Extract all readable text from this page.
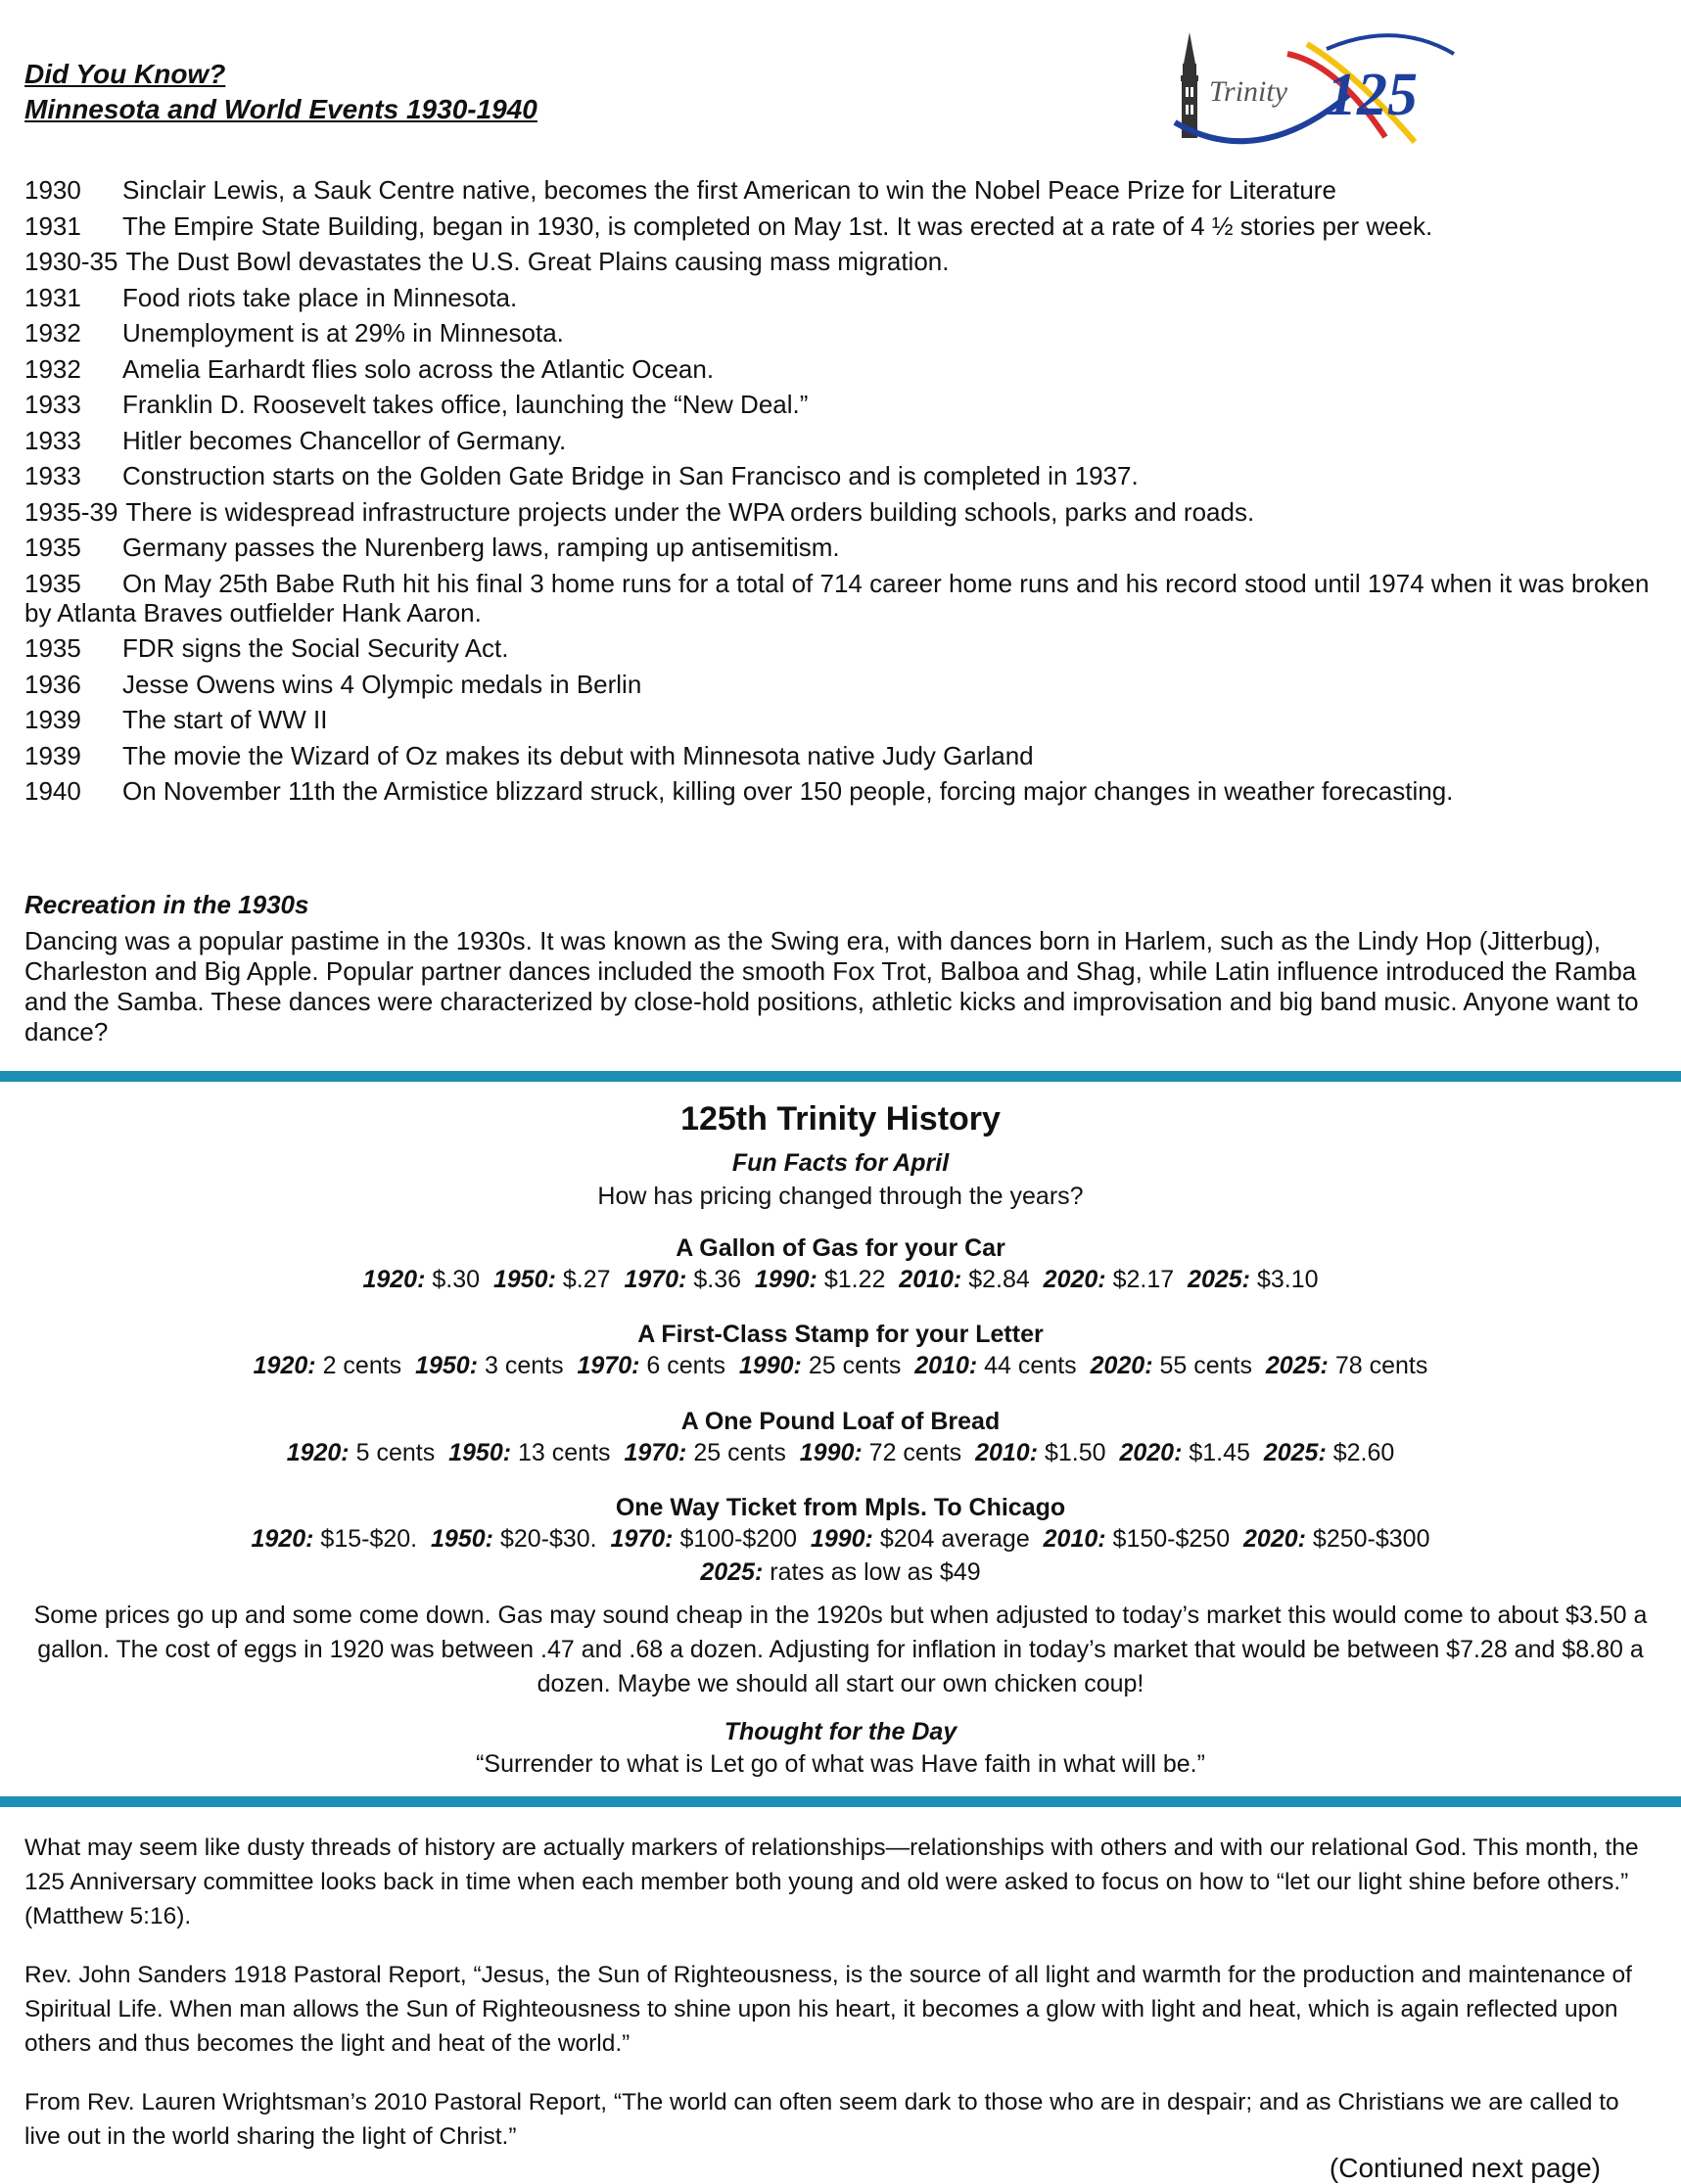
Did You Know?
Minnesota and World Events 1930-1940
Trinity 125
1930 Sinclair Lewis, a Sauk Centre native, becomes the first American to win the Nobel Peace Prize for Literature
1931 The Empire State Building, began in 1930, is completed on May 1st. It was erected at a rate of 4 ½ stories per week.
1930-35 The Dust Bowl devastates the U.S. Great Plains causing mass migration.
1931 Food riots take place in Minnesota.
1932 Unemployment is at 29% in Minnesota.
1932 Amelia Earhardt flies solo across the Atlantic Ocean.
1933 Franklin D. Roosevelt takes office, launching the “New Deal.”
1933 Hitler becomes Chancellor of Germany.
1933 Construction starts on the Golden Gate Bridge in San Francisco and is completed in 1937.
1935-39 There is widespread infrastructure projects under the WPA orders building schools, parks and roads.
1935 Germany passes the Nurenberg laws, ramping up antisemitism.
1935 On May 25th Babe Ruth hit his final 3 home runs for a total of 714 career home runs and his record stood until 1974 when it was broken by Atlanta Braves outfielder Hank Aaron.
1935 FDR signs the Social Security Act.
1936 Jesse Owens wins 4 Olympic medals in Berlin
1939 The start of WW II
1939 The movie the Wizard of Oz makes its debut with Minnesota native Judy Garland
1940 On November 11th the Armistice blizzard struck, killing over 150 people, forcing major changes in weather forecasting.
Recreation in the 1930s
Dancing was a popular pastime in the 1930s. It was known as the Swing era, with dances born in Harlem, such as the Lindy Hop (Jitterbug), Charleston and Big Apple. Popular partner dances included the smooth Fox Trot, Balboa and Shag, while Latin influence introduced the Ramba and the Samba. These dances were characterized by close-hold positions, athletic kicks and improvisation and big band music. Anyone want to dance?
125th Trinity History
Fun Facts for April
How has pricing changed through the years?
A Gallon of Gas for your Car
1920: $.30 1950: $.27 1970: $.36 1990: $1.22 2010: $2.84 2020: $2.17 2025: $3.10
A First-Class Stamp for your Letter
1920: 2 cents 1950: 3 cents 1970: 6 cents 1990: 25 cents 2010: 44 cents 2020: 55 cents 2025: 78 cents
A One Pound Loaf of Bread
1920: 5 cents 1950: 13 cents 1970: 25 cents 1990: 72 cents 2010: $1.50 2020: $1.45 2025: $2.60
One Way Ticket from Mpls. To Chicago
1920: $15-$20. 1950: $20-$30. 1970: $100-$200 1990: $204 average 2010: $150-$250 2020: $250-$300
2025: rates as low as $49
Some prices go up and some come down. Gas may sound cheap in the 1920s but when adjusted to today’s market this would come to about $3.50 a gallon. The cost of eggs in 1920 was between .47 and .68 a dozen. Adjusting for inflation in today’s market that would be between $7.28 and $8.80 a dozen. Maybe we should all start our own chicken coup!
Thought for the Day
“Surrender to what is Let go of what was Have faith in what will be.”
What may seem like dusty threads of history are actually markers of relationships—relationships with others and with our relational God. This month, the 125 Anniversary committee looks back in time when each member both young and old were asked to focus on how to “let our light shine before others.” (Matthew 5:16).
Rev. John Sanders 1918 Pastoral Report, “Jesus, the Sun of Righteousness, is the source of all light and warmth for the production and maintenance of Spiritual Life. When man allows the Sun of Righteousness to shine upon his heart, it becomes a glow with light and heat, which is again reflected upon others and thus becomes the light and heat of the world.”
From Rev. Lauren Wrightsman’s 2010 Pastoral Report, “The world can often seem dark to those who are in despair; and as Christians we are called to live out in the world sharing the light of Christ.”
(Contiuned next page)
